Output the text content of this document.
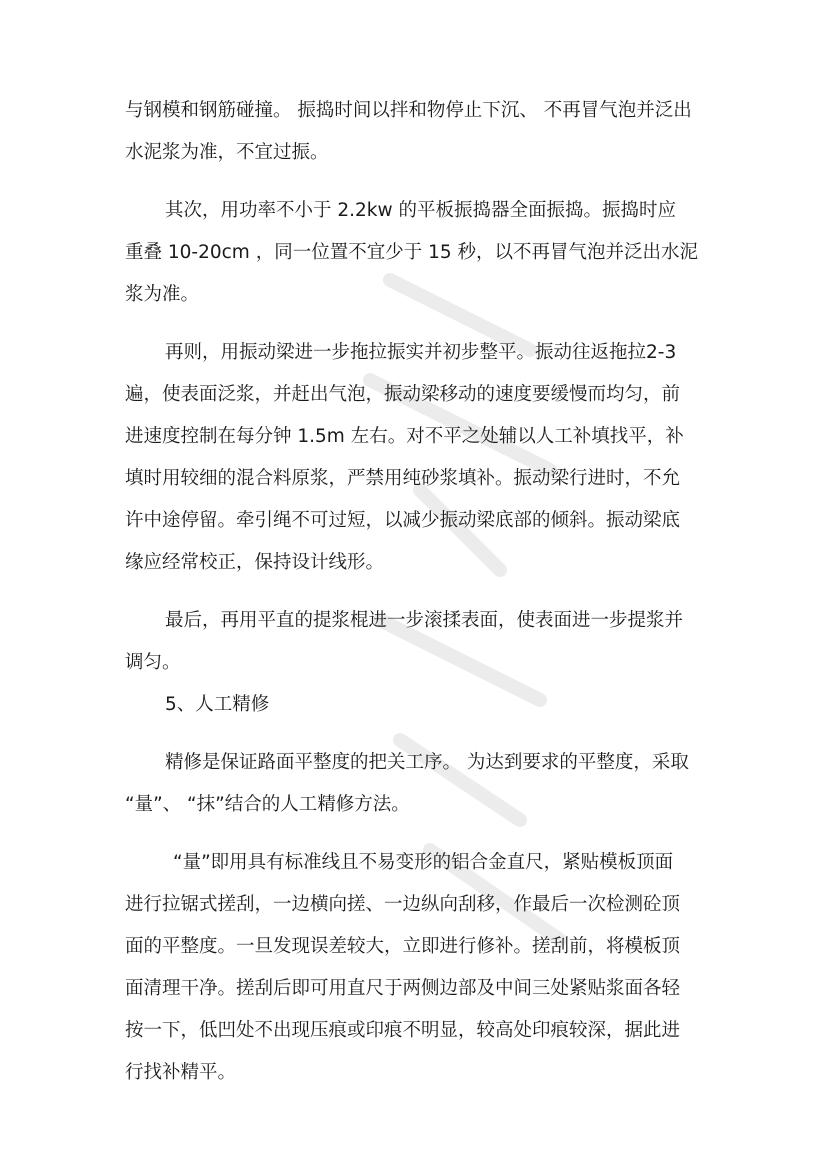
与钢模和钢筋碰撞。 振捣时间以拌和物停止下沉、 不再冒气泡并泛出
水泥浆为准，不宜过振。
其次，用功率不小于 2.2kw 的平板振捣器全面振捣。振捣时应
重叠 10-20cm ，同一位置不宜少于 15 秒，以不再冒气泡并泛出水泥
浆为准。
再则，用振动梁进一步拖拉振实并初步整平。振动往返拖拉2-3
遍，使表面泛浆，并赶出气泡，振动梁移动的速度要缓慢而均匀，前
进速度控制在每分钟 1.5m 左右。对不平之处辅以人工补填找平，补
填时用较细的混合料原浆，严禁用纯砂浆填补。振动梁行进时，不允
许中途停留。牵引绳不可过短，以减少振动梁底部的倾斜。振动梁底
缘应经常校正，保持设计线形。
最后，再用平直的提浆棍进一步滚揉表面，使表面进一步提浆并
调匀。
5、人工精修
精修是保证路面平整度的把关工序。 为达到要求的平整度，采取
“量”、 “抹”结合的人工精修方法。
“量”即用具有标准线且不易变形的铝合金直尺，紧贴模板顶面
进行拉锯式搓刮，一边横向搓、一边纵向刮移，作最后一次检测砼顶
面的平整度。一旦发现误差较大，立即进行修补。搓刮前，将模板顶
面清理干净。搓刮后即可用直尺于两侧边部及中间三处紧贴浆面各轻
按一下，低凹处不出现压痕或印痕不明显，较高处印痕较深，据此进
行找补精平。
